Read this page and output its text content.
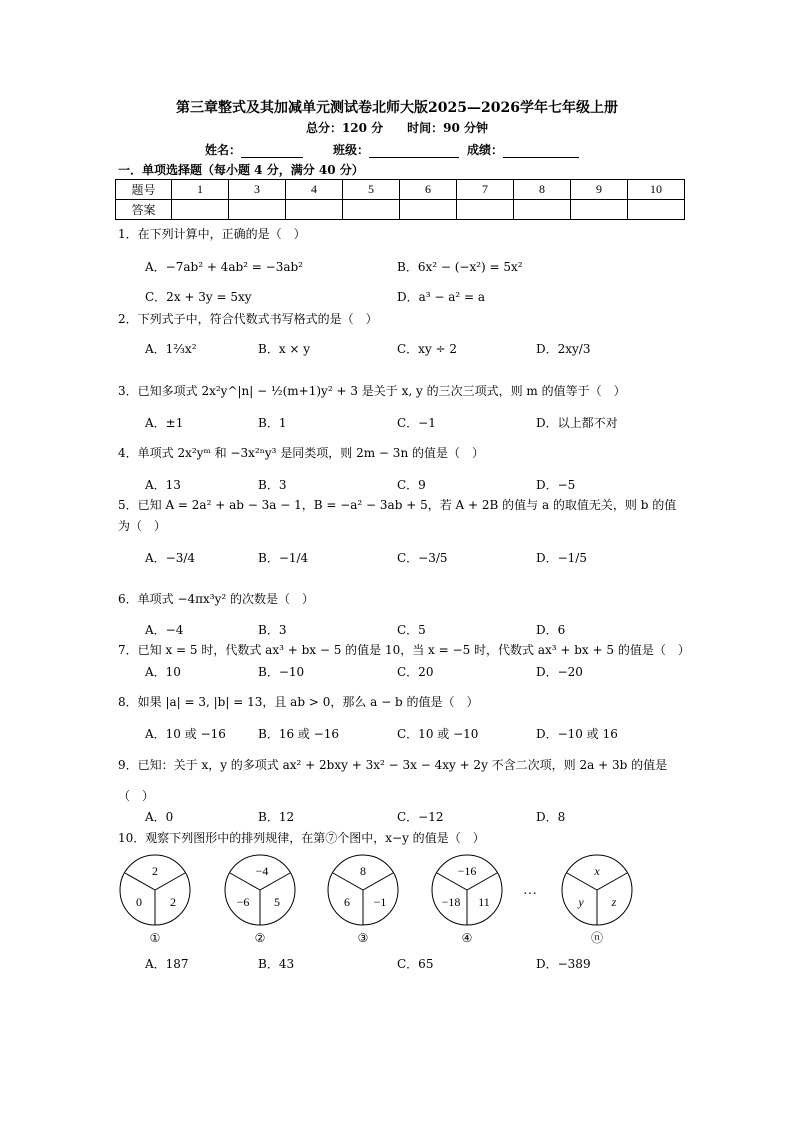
第三章整式及其加减单元测试卷北师大版2025—2026学年七年级上册
总分：120 分　　时间：90 分钟
姓名：	班级：	成绩：
一．单项选择题（每小题 4 分，满分 40 分）
题号	1	3	4	5	6	7	8	9	10
答案									
1．在下列计算中，正确的是（　）
A．−7ab² + 4ab² = −3ab²	B．6x² − (−x²) = 5x²
C．2x + 3y = 5xy	D．a³ − a² = a
2．下列式子中，符合代数式书写格式的是（　）
A．1⅔x²	B．x × y	C．xy ÷ 2	D．2xy/3
3．已知多项式 2x²y^|n| − ½(m+1)y² + 3 是关于 x, y 的三次三项式，则 m 的值等于（　）
A．±1	B．1	C．−1	D．以上都不对
4．单项式 2x²yᵐ 和 −3x²ⁿy³ 是同类项，则 2m − 3n 的值是（　）
A．13	B．3	C．9	D．−5
5．已知 A = 2a² + ab − 3a − 1，B = −a² − 3ab + 5，若 A + 2B 的值与 a 的取值无关，则 b 的值
为（　）
A．−3/4	B．−1/4	C．−3/5	D．−1/5
6．单项式 −4πx³y² 的次数是（　）
A．−4	B．3	C．5	D．6
7．已知 x = 5 时，代数式 ax³ + bx − 5 的值是 10，当 x = −5 时，代数式 ax³ + bx + 5 的值是（　）
A．10	B．−10	C．20	D．−20
8．如果 |a| = 3, |b| = 13，且 ab > 0，那么 a − b 的值是（　）
A．10 或 −16	B．16 或 −16	C．10 或 −10	D．−10 或 16
9．已知：关于 x，y 的多项式 ax² + 2bxy + 3x² − 3x − 4xy + 2y 不含二次项，则 2a + 3b 的值是
（　）
A．0	B．12	C．−12	D．8
10．观察下列图形中的排列规律，在第⑦个图中，x−y 的值是（　）
2
0 2
①
−4
−6 5
②
8
6 −1
③
−16
−18 11
④
…
x
y z
ⓝ
A．187	B．43	C．65	D．−389
